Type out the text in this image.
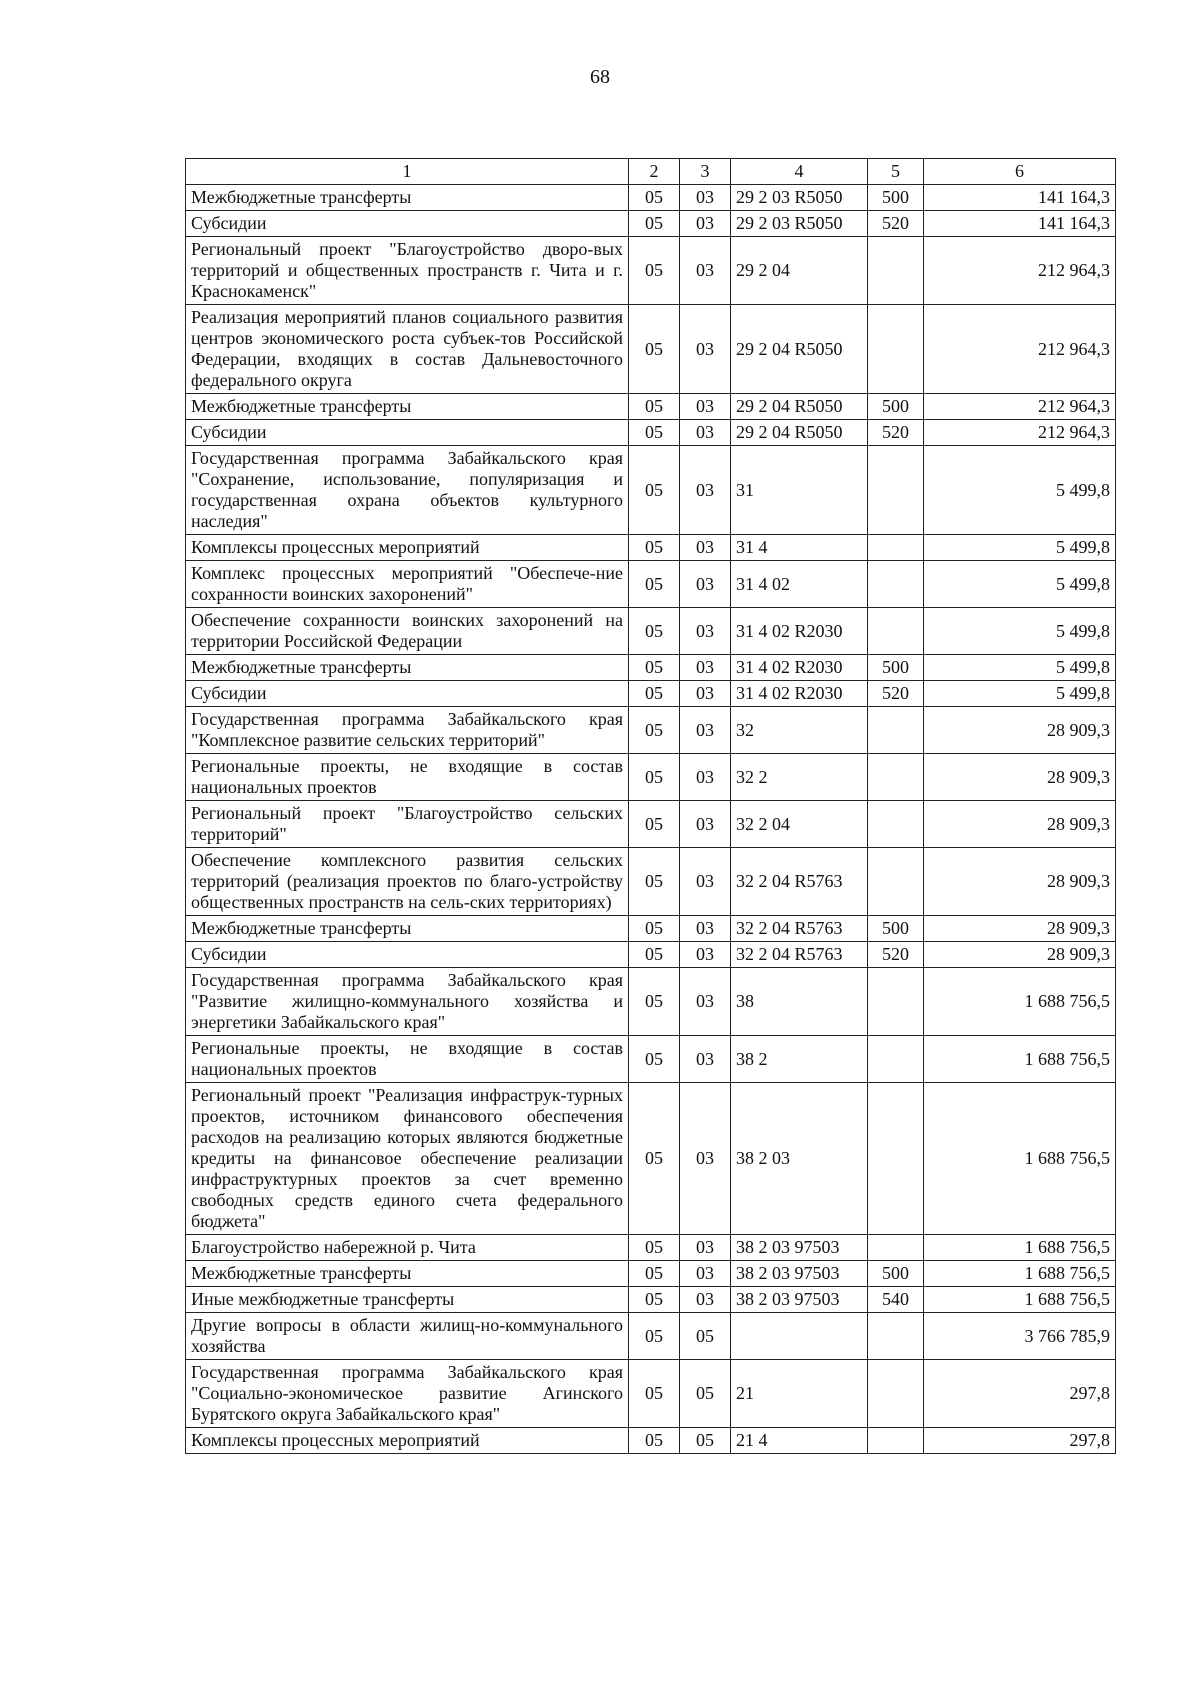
68
1	2	3	4	5	6
Межбюджетные трансферты	05	03	29 2 03 R5050	500	141 164,3
Субсидии	05	03	29 2 03 R5050	520	141 164,3
Региональный проект "Благоустройство дворо-вых территорий и общественных пространств г. Чита и г. Краснокаменск"	05	03	29 2 04		212 964,3
Реализация мероприятий планов социального развития центров экономического роста субъек-тов Российской Федерации, входящих в состав Дальневосточного федерального округа	05	03	29 2 04 R5050		212 964,3
Межбюджетные трансферты	05	03	29 2 04 R5050	500	212 964,3
Субсидии	05	03	29 2 04 R5050	520	212 964,3
Государственная программа Забайкальского края "Сохранение, использование, популяризация и государственная охрана объектов культурного наследия"	05	03	31		5 499,8
Комплексы процессных мероприятий	05	03	31 4		5 499,8
Комплекс процессных мероприятий "Обеспече-ние сохранности воинских захоронений"	05	03	31 4 02		5 499,8
Обеспечение сохранности воинских захоронений на территории Российской Федерации	05	03	31 4 02 R2030		5 499,8
Межбюджетные трансферты	05	03	31 4 02 R2030	500	5 499,8
Субсидии	05	03	31 4 02 R2030	520	5 499,8
Государственная программа Забайкальского края "Комплексное развитие сельских территорий"	05	03	32		28 909,3
Региональные проекты, не входящие в состав национальных проектов	05	03	32 2		28 909,3
Региональный проект "Благоустройство сельских территорий"	05	03	32 2 04		28 909,3
Обеспечение комплексного развития сельских территорий (реализация проектов по благо-устройству общественных пространств на сель-ских территориях)	05	03	32 2 04 R5763		28 909,3
Межбюджетные трансферты	05	03	32 2 04 R5763	500	28 909,3
Субсидии	05	03	32 2 04 R5763	520	28 909,3
Государственная программа Забайкальского края "Развитие жилищно-коммунального хозяйства и энергетики Забайкальского края"	05	03	38		1 688 756,5
Региональные проекты, не входящие в состав национальных проектов	05	03	38 2		1 688 756,5
Региональный проект "Реализация инфраструк-турных проектов, источником финансового обеспечения расходов на реализацию которых являются бюджетные кредиты на финансовое обеспечение реализации инфраструктурных проектов за счет временно свободных средств единого счета федерального бюджета"	05	03	38 2 03		1 688 756,5
Благоустройство набережной р. Чита	05	03	38 2 03 97503		1 688 756,5
Межбюджетные трансферты	05	03	38 2 03 97503	500	1 688 756,5
Иные межбюджетные трансферты	05	03	38 2 03 97503	540	1 688 756,5
Другие вопросы в области жилищ-но-коммунального хозяйства	05	05			3 766 785,9
Государственная программа Забайкальского края "Социально-экономическое развитие Агинского Бурятского округа Забайкальского края"	05	05	21		297,8
Комплексы процессных мероприятий	05	05	21 4		297,8
